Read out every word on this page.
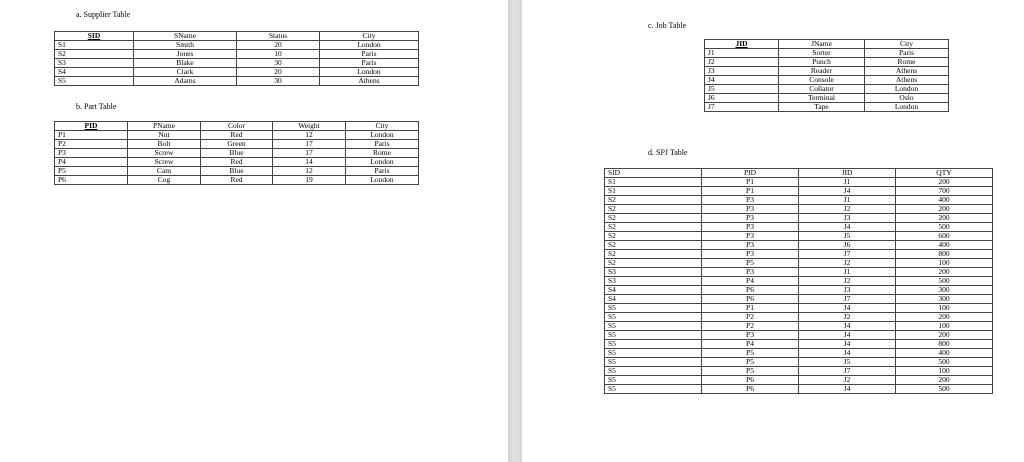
a. Supplier Table
SID	SName	Status	City
S1	Smith	20	London
S2	Jones	10	Paris
S3	Blake	30	Paris
S4	Clark	20	London
S5	Adams	30	Athens
b. Part Table
PID	PName	Color	Weight	City
P1	Nut	Red	12	London
P2	Bolt	Green	17	Paris
P3	Screw	Blue	17	Rome
P4	Screw	Red	14	London
P5	Cam	Blue	12	Paris
P6	Cog	Red	19	London
c. Job Table
JID	JName	City
J1	Sorter	Paris
J2	Punch	Rome
J3	Reader	Athens
J4	Console	Athens
J5	Collator	London
J6	Terminal	Oslo
J7	Tape	London
d. SPJ Table
SID	PID	JID	QTY
S1	P1	J1	200
S1	P1	J4	700
S2	P3	J1	400
S2	P3	J2	200
S2	P3	J3	200
S2	P3	J4	500
S2	P3	J5	600
S2	P3	J6	400
S2	P3	J7	800
S2	P5	J2	100
S3	P3	J1	200
S3	P4	J2	500
S4	P6	J3	300
S4	P6	J7	300
S5	P1	J4	100
S5	P2	J2	200
S5	P2	J4	100
S5	P3	J4	200
S5	P4	J4	800
S5	P5	J4	400
S5	P5	J5	500
S5	P5	J7	100
S5	P6	J2	200
S5	P6	J4	500
